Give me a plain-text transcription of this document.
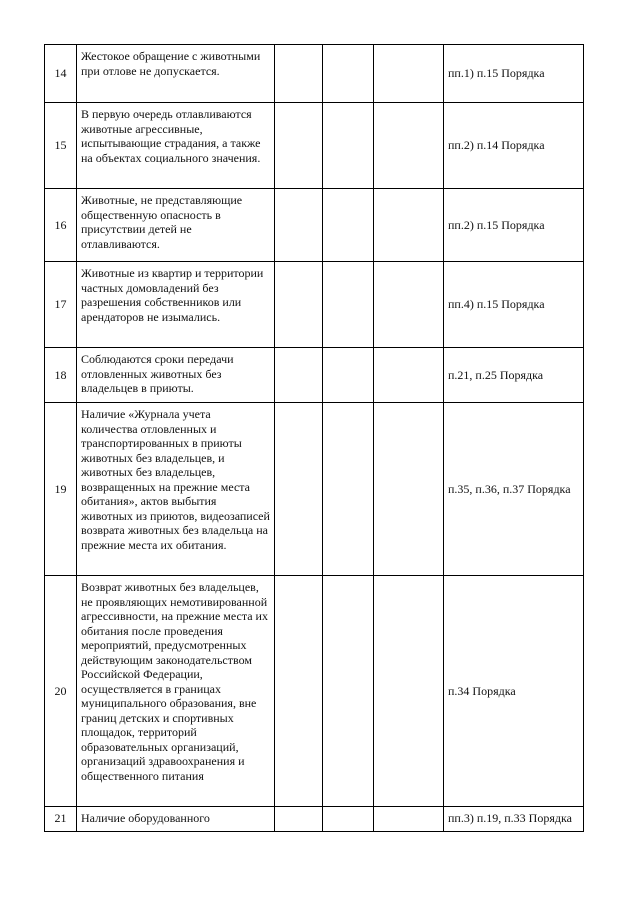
14	Жестокое обращение с животными при отлове не допускается.				пп.1) п.15 Порядка
15	В первую очередь отлавливаются животные агрессивные, испытывающие страдания, а также на объектах социального значения.				пп.2) п.14 Порядка
16	Животные, не представляющие общественную опасность в присутствии детей не отлавливаются.				пп.2) п.15 Порядка
17	Животные из квартир и территории частных домовладений без разрешения собственников или арендаторов не изымались.				пп.4) п.15 Порядка
18	Соблюдаются сроки передачи отловленных животных без владельцев в приюты.				п.21, п.25 Порядка
19	Наличие «Журнала учета количества отловленных и транспортированных в приюты животных без владельцев, и животных без владельцев, возвращенных на прежние места обитания», актов выбытия животных из приютов, видеозаписей возврата животных без владельца на прежние места их обитания.				п.35, п.36, п.37 Порядка
20	Возврат животных без владельцев, не проявляющих немотивированной агрессивности, на прежние места их обитания после проведения мероприятий, предусмотренных действующим законодательством Российской Федерации, осуществляется в границах муниципального образования, вне границ детских и спортивных площадок, территорий образовательных организаций, организаций здравоохранения и общественного питания				п.34 Порядка
21	Наличие оборудованного				пп.3) п.19, п.33 Порядка
